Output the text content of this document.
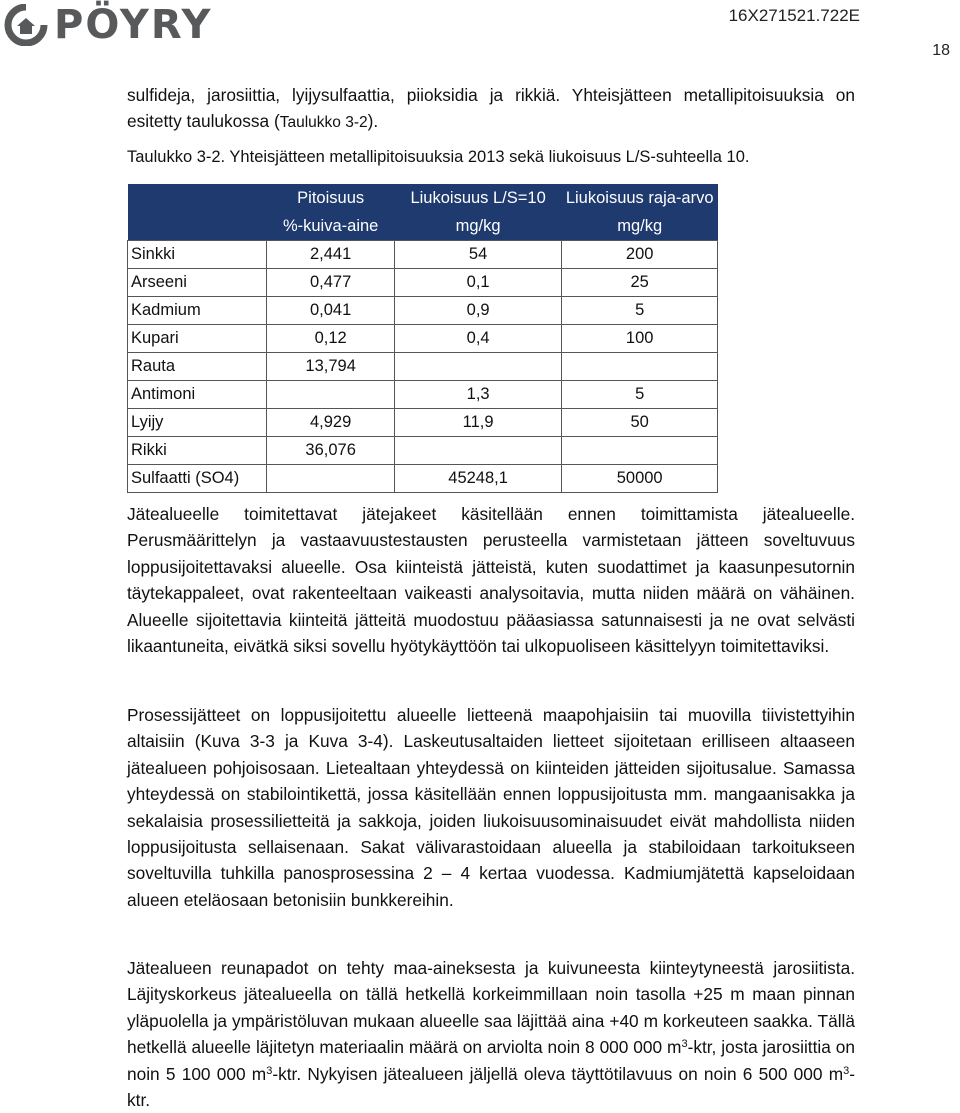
PÖYRY	16X271521.722E
18

sulfideja, jarosiittia, lyijysulfaattia, piioksidia ja rikkiä. Yhteisjätteen metallipitoisuuksia on esitetty taulukossa (Taulukko 3-2).

Taulukko 3-2. Yhteisjätteen metallipitoisuuksia 2013 sekä liukoisuus L/S-suhteella 10.

	Pitoisuus	Liukoisuus L/S=10	Liukoisuus raja-arvo
	%-kuiva-aine	mg/kg	mg/kg
Sinkki	2,441	54	200
Arseeni	0,477	0,1	25
Kadmium	0,041	0,9	5
Kupari	0,12	0,4	100
Rauta	13,794		
Antimoni		1,3	5
Lyijy	4,929	11,9	50
Rikki	36,076		
Sulfaatti (SO4)		45248,1	50000

Jätealueelle toimitettavat jätejakeet käsitellään ennen toimittamista jätealueelle. Perusmäärittelyn ja vastaavuustestausten perusteella varmistetaan jätteen soveltuvuus loppusijoitettavaksi alueelle. Osa kiinteistä jätteistä, kuten suodattimet ja kaasunpesutornin täytekappaleet, ovat rakenteeltaan vaikeasti analysoitavia, mutta niiden määrä on vähäinen. Alueelle sijoitettavia kiinteitä jätteitä muodostuu pääasiassa satunnaisesti ja ne ovat selvästi likaantuneita, eivätkä siksi sovellu hyötykäyttöön tai ulkopuoliseen käsittelyyn toimitettaviksi.

Prosessijätteet on loppusijoitettu alueelle lietteenä maapohjaisiin tai muovilla tiivistettyihin altaisiin (Kuva 3-3 ja Kuva 3-4). Laskeutusaltaiden lietteet sijoitetaan erilliseen altaaseen jätealueen pohjoisosaan. Lietealtaan yhteydessä on kiinteiden jätteiden sijoitusalue. Samassa yhteydessä on stabilointikettä, jossa käsitellään ennen loppusijoitusta mm. mangaanisakka ja sekalaisia prosessilietteitä ja sakkoja, joiden liukoisuusominaisuudet eivät mahdollista niiden loppusijoitusta sellaisenaan. Sakat välivarastoidaan alueella ja stabiloidaan tarkoitukseen soveltuvilla tuhkilla panosprosessina 2 – 4 kertaa vuodessa. Kadmiumjätettä kapseloidaan alueen eteläosaan betonisiin bunkkereihin.

Jätealueen reunapadot on tehty maa-aineksesta ja kuivuneesta kiinteytyneestä jarosiitista. Läjityskorkeus jätealueella on tällä hetkellä korkeimmillaan noin tasolla +25 m maan pinnan yläpuolella ja ympäristöluvan mukaan alueelle saa läjittää aina +40 m korkeuteen saakka. Tällä hetkellä alueelle läjitetyn materiaalin määrä on arviolta noin 8 000 000 $m^3$-ktr, josta jarosiittia on noin 5 100 000 $m^3$-ktr. Nykyisen jätealueen jäljellä oleva täyttötilavuus on noin 6 500 000 $m^3$-ktr.
